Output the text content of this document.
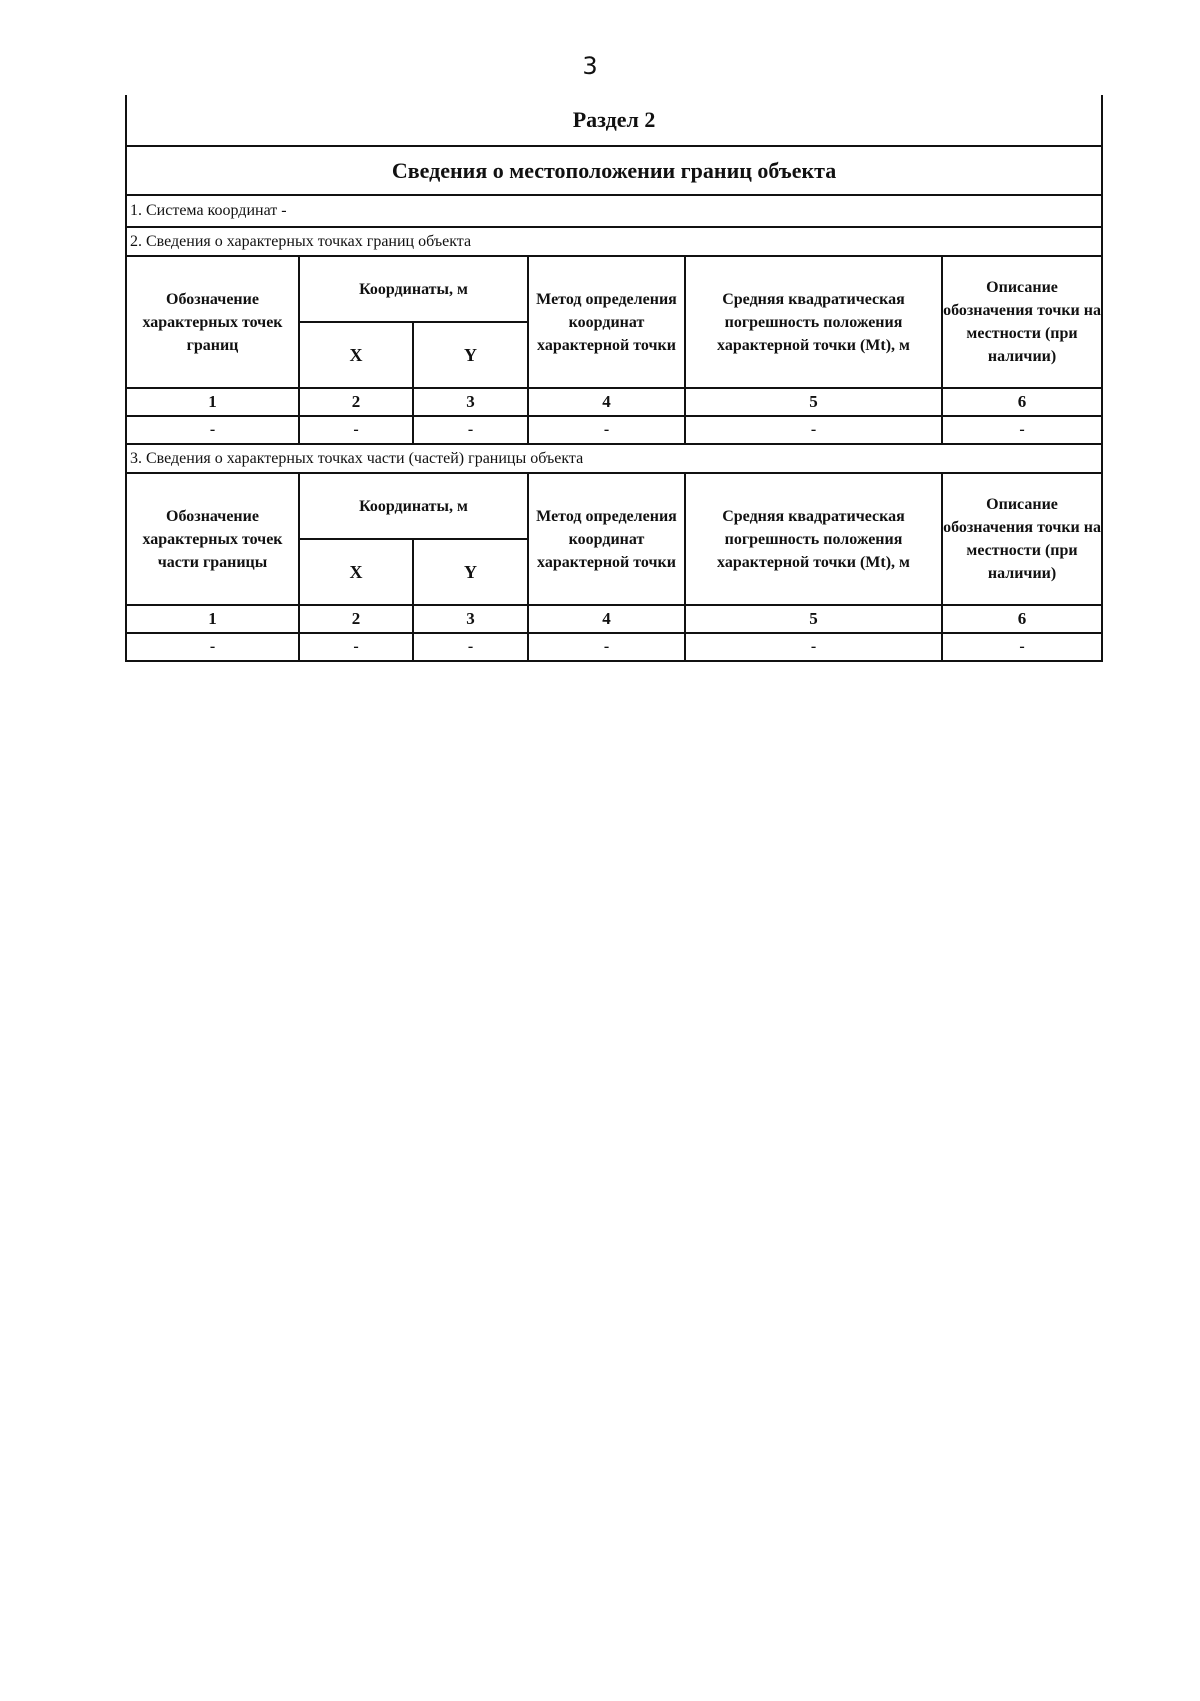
3
Раздел 2					
Сведения о местоположении границ объекта					
1. Система координат -					
2. Сведения о характерных точках границ объекта					
Обозначение характерных точек границ	Координаты, м		Метод определения координат характерной точки	Средняя квадратическая погрешность положения характерной точки (Mt), м	Описание обозначения точки на местности (при наличии)
	X	Y			
1	2	3	4	5	6
-	-	-	-	-	-
3. Сведения о характерных точках части (частей) границы объекта					
Обозначение характерных точек части границы	Координаты, м		Метод определения координат характерной точки	Средняя квадратическая погрешность положения характерной точки (Mt), м	Описание обозначения точки на местности (при наличии)
	X	Y			
1	2	3	4	5	6
-	-	-	-	-	-
